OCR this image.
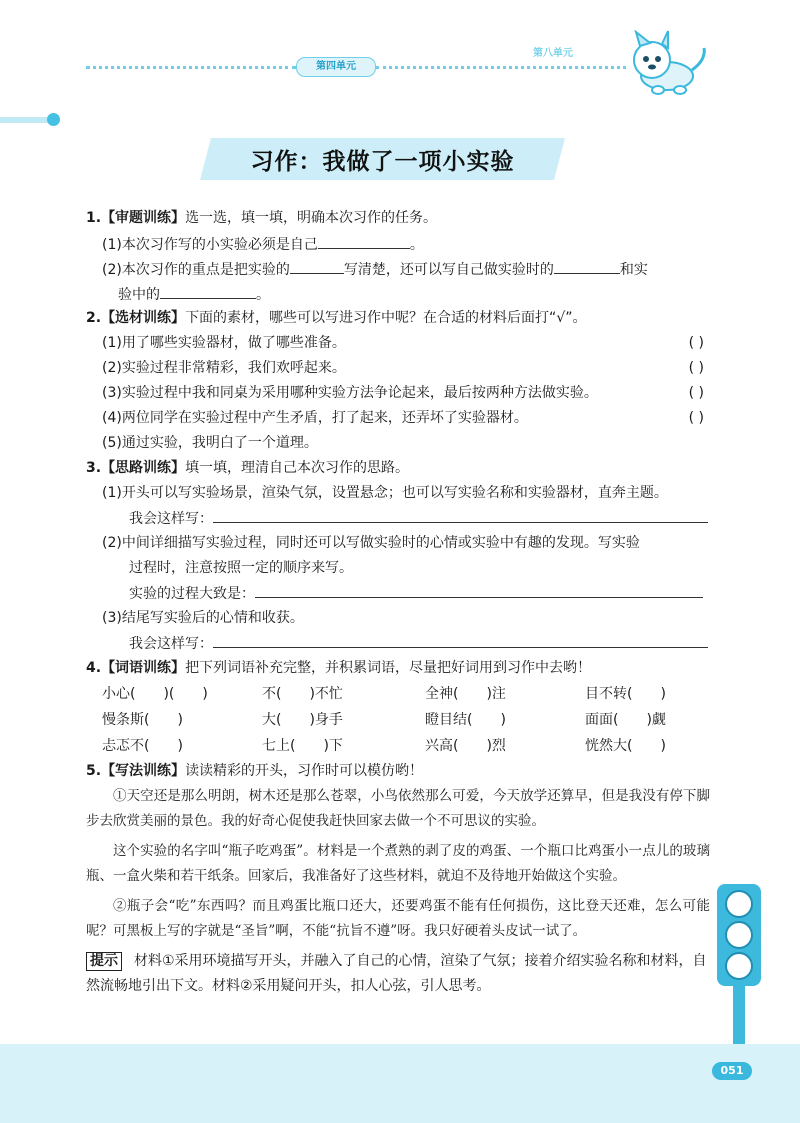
第四单元
第八单元
习作：我做了一项小实验
1.【审题训练】选一选，填一填，明确本次习作的任务。
(1)本次习作写的小实验必须是自己	。
(2)本次习作的重点是把实验的	写清楚，还可以写自己做实验时的	和实
验中的	。
2.【选材训练】下面的素材，哪些可以写进习作中呢？在合适的材料后面打“√”。
(1)用了哪些实验器材，做了哪些准备。	( )
(2)实验过程非常精彩，我们欢呼起来。	( )
(3)实验过程中我和同桌为采用哪种实验方法争论起来，最后按两种方法做实验。	( )
(4)两位同学在实验过程中产生矛盾，打了起来，还弄坏了实验器材。	( )
(5)通过实验，我明白了一个道理。
3.【思路训练】填一填，理清自己本次习作的思路。
(1)开头可以写实验场景，渲染气氛，设置悬念；也可以写实验名称和实验器材，直奔主题。
我会这样写：
(2)中间详细描写实验过程，同时还可以写做实验时的心情或实验中有趣的发现。写实验
过程时，注意按照一定的顺序来写。
实验的过程大致是：
(3)结尾写实验后的心情和收获。
我会这样写：
4.【词语训练】把下列词语补充完整，并积累词语，尽量把好词用到习作中去哟！
小心(　　)(　　)	不(　　)不忙	全神(　　)注	目不转(　　)
慢条斯(　　)	大(　　)身手	瞪目结(　　)	面面(　　)觑
忐忑不(　　)	七上(　　)下	兴高(　　)烈	恍然大(　　)
5.【写法训练】读读精彩的开头，习作时可以模仿哟！

①天空还是那么明朗，树木还是那么苍翠，小鸟依然那么可爱，今天放学还算早，但是我没有停下脚步去欣赏美丽的景色。我的好奇心促使我赶快回家去做一个不可思议的实验。

这个实验的名字叫“瓶子吃鸡蛋”。材料是一个煮熟的剥了皮的鸡蛋、一个瓶口比鸡蛋小一点儿的玻璃瓶、一盒火柴和若干纸条。回家后，我准备好了这些材料，就迫不及待地开始做这个实验。

②瓶子会“吃”东西吗？而且鸡蛋比瓶口还大，还要鸡蛋不能有任何损伤，这比登天还难，怎么可能呢？可黑板上写的字就是“圣旨”啊，不能“抗旨不遵”呀。我只好硬着头皮试一试了。

提示 材料①采用环境描写开头，并融入了自己的心情，渲染了气氛；接着介绍实验名称和材料，自然流畅地引出下文。材料②采用疑问开头，扣人心弦，引人思考。
051
